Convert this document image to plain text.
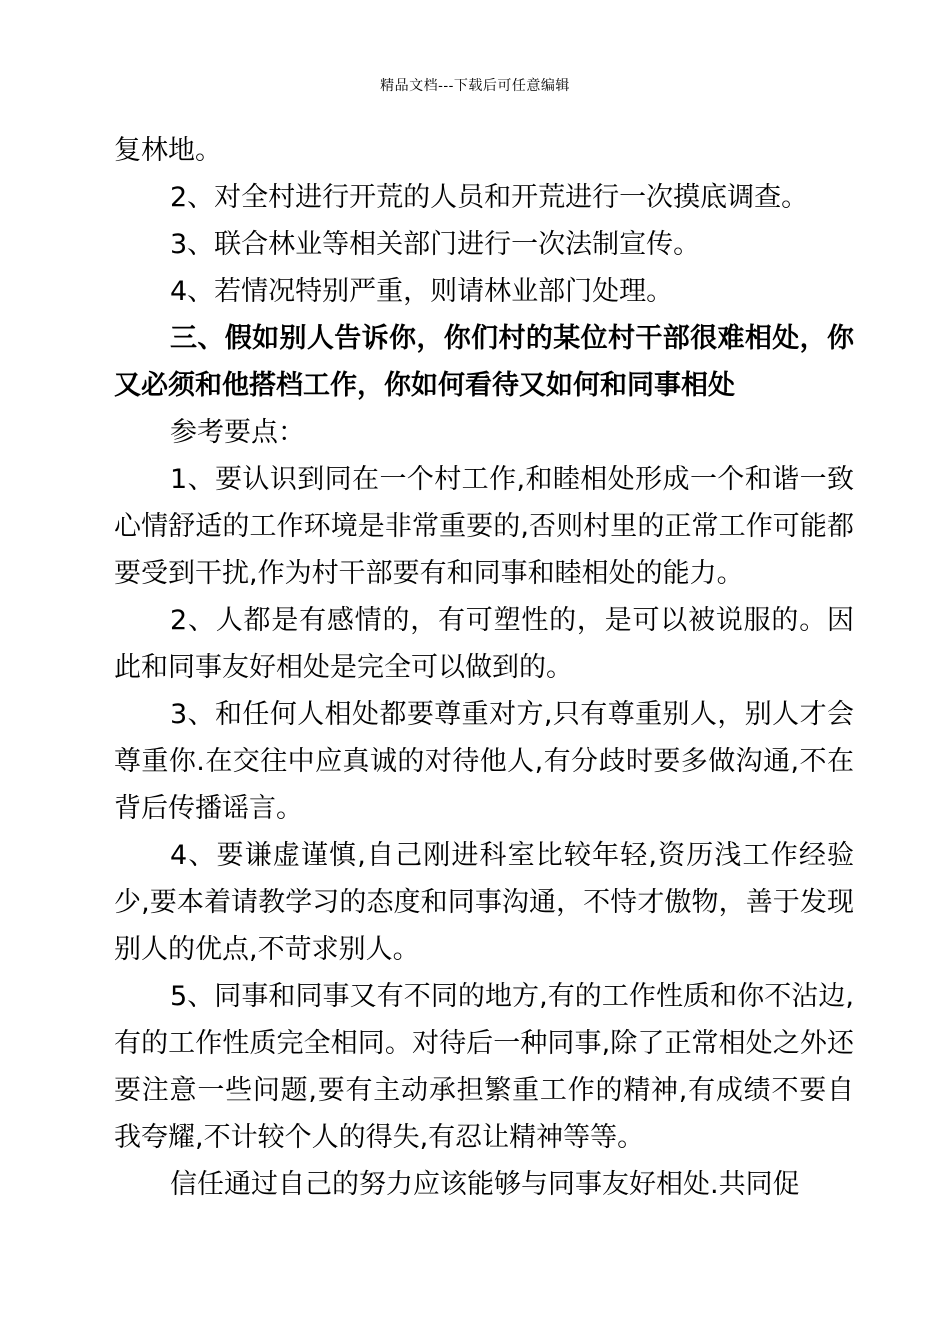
精品文档---下载后可任意编辑

复林地。

2、对全村进行开荒的人员和开荒进行一次摸底调查。

3、联合林业等相关部门进行一次法制宣传。

4、若情况特别严重，则请林业部门处理。

三、假如别人告诉你，你们村的某位村干部很难相处，你又必须和他搭档工作，你如何看待又如何和同事相处

参考要点：

1、要认识到同在一个村工作,和睦相处形成一个和谐一致心情舒适的工作环境是非常重要的,否则村里的正常工作可能都要受到干扰,作为村干部要有和同事和睦相处的能力。

2、人都是有感情的，有可塑性的，是可以被说服的。因此和同事友好相处是完全可以做到的。

3、和任何人相处都要尊重对方,只有尊重别人，别人才会尊重你.在交往中应真诚的对待他人,有分歧时要多做沟通,不在背后传播谣言。

4、要谦虚谨慎,自己刚进科室比较年轻,资历浅工作经验少,要本着请教学习的态度和同事沟通，不恃才傲物，善于发现别人的优点,不苛求别人。

5、同事和同事又有不同的地方,有的工作性质和你不沾边,有的工作性质完全相同。对待后一种同事,除了正常相处之外还要注意一些问题,要有主动承担繁重工作的精神,有成绩不要自我夸耀,不计较个人的得失,有忍让精神等等。

信任通过自己的努力应该能够与同事友好相处.共同促
